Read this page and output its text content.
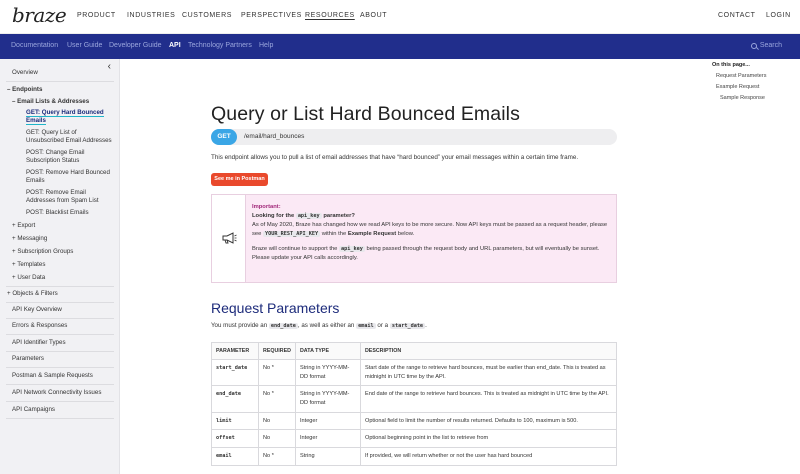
braze PRODUCT INDUSTRIES CUSTOMERS PERSPECTIVES RESOURCES ABOUT	CONTACT LOGIN
Documentation User Guide Developer Guide API Technology Partners Help	Search
‹
Overview
– Endpoints
– Email Lists & Addresses
GET: Query Hard Bounced Emails
GET: Query List of Unsubscribed Email Addresses
POST: Change Email Subscription Status
POST: Remove Hard Bounced Emails
POST: Remove Email Addresses from Spam List
POST: Blacklist Emails
+ Export
+ Messaging
+ Subscription Groups
+ Templates
+ User Data
+ Objects & Filters
API Key Overview
Errors & Responses
API Identifier Types
Parameters
Postman & Sample Requests
API Network Connectivity Issues
API Campaigns
On this page...
Request Parameters
Example Request
Sample Response
Query or List Hard Bounced Emails
GET	/email/hard_bounces
This endpoint allows you to pull a list of email addresses that have “hard bounced” your email messages within a certain time frame.
See me in Postman
Important:
Looking for the api_key parameter?
As of May 2020, Braze has changed how we read API keys to be more secure. Now API keys must be passed as a request header, please see YOUR_REST_API_KEY within the Example Request below.
Braze will continue to support the api_key being passed through the request body and URL parameters, but will eventually be sunset. Please update your API calls accordingly.
Request Parameters
You must provide an end_date , as well as either an email or a start_date .
PARAMETER	REQUIRED	DATA TYPE	DESCRIPTION
start_date	No *	String in YYYY-MM-DD format	Start date of the range to retrieve hard bounces, must be earlier than end_date. This is treated as midnight in UTC time by the API.
end_date	No *	String in YYYY-MM-DD format	End date of the range to retrieve hard bounces. This is treated as midnight in UTC time by the API.
limit	No	Integer	Optional field to limit the number of results returned. Defaults to 100, maximum is 500.
offset	No	Integer	Optional beginning point in the list to retrieve from
email	No *	String	If provided, we will return whether or not the user has hard bounced
